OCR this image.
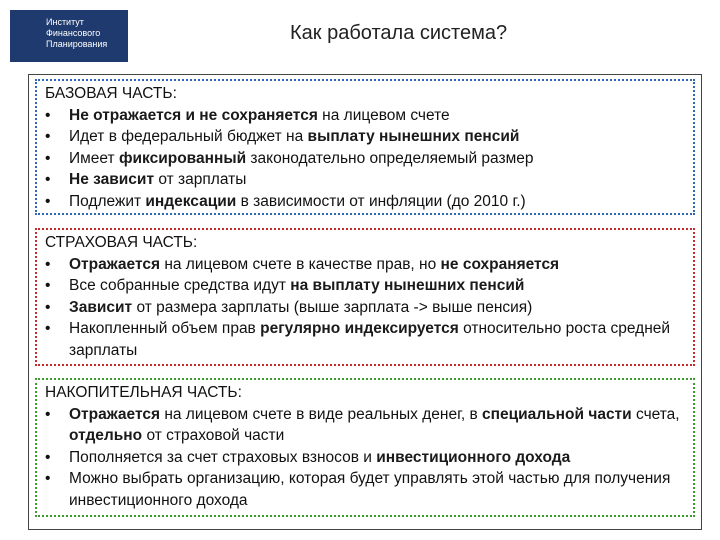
Институт
Финансового
Планирования	Как работала система?
БАЗОВАЯ ЧАСТЬ:
• Не отражается и не сохраняется на лицевом счете
• Идет в федеральный бюджет на выплату нынешних пенсий
• Имеет фиксированный законодательно определяемый размер
• Не зависит от зарплаты
• Подлежит индексации в зависимости от инфляции (до 2010 г.)
СТРАХОВАЯ ЧАСТЬ:
• Отражается на лицевом счете в качестве прав, но не сохраняется
• Все собранные средства идут на выплату нынешних пенсий
• Зависит от размера зарплаты (выше зарплата -> выше пенсия)
• Накопленный объем прав регулярно индексируется относительно роста средней зарплаты
НАКОПИТЕЛЬНАЯ ЧАСТЬ:
• Отражается на лицевом счете в виде реальных денег, в специальной части счета, отдельно от страховой части
• Пополняется за счет страховых взносов и инвестиционного дохода
• Можно выбрать организацию, которая будет управлять этой частью для получения инвестиционного дохода
